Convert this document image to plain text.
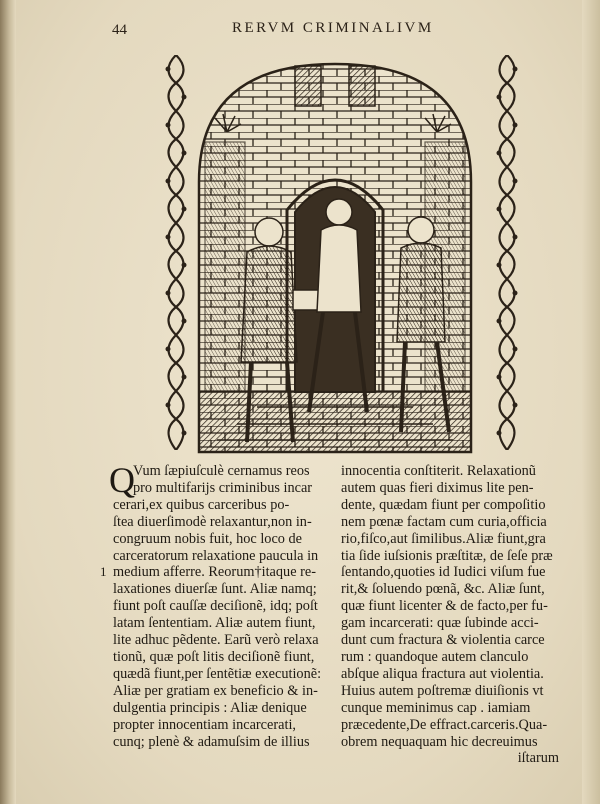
44	RERVM CRIMINALIVM
Q
1
Vum ſæpiuſculè cernamus reos
pro multifarijs criminibus incar
cerari,ex quibus carceribus po-
ſtea diuerſimodè relaxantur,non in-
congruum nobis fuit, hoc loco de
carceratorum relaxatione paucula in
medium afferre. Reorum†itaque re-
laxationes diuerſæ ſunt. Aliæ namq;
fiunt poſt cauſſæ deciſionẽ, idq; poſt
latam ſententiam. Aliæ autem fiunt,
lite adhuc pẽdente. Earũ verò relaxa
tionũ, quæ poſt litis deciſionẽ fiunt,
quædã fiunt,per ſentẽtiæ executionẽ:
Aliæ per gratiam ex beneficio & in-
dulgentia principis : Aliæ denique
propter innocentiam incarcerati,
cunq; plenè & adamuſsim de illius
innocentia conſtiterit. Relaxationũ
autem quas fieri diximus lite pen-
dente, quædam fiunt per compoſitio
nem pœnæ factam cum curia,officia
rio,fiſco,aut ſimilibus.Aliæ fiunt,gra
tia ſide iuſsionis præſtitæ, de ſeſe præ
ſentando,quoties id Iudici viſum fue
rit,& ſoluendo pœnã, &c. Aliæ ſunt,
quæ fiunt licenter & de facto,per fu-
gam incarcerati: quæ ſubinde acci-
dunt cum fractura & violentia carce
rum : quandoque autem clanculo
abſque aliqua fractura aut violentia.
Huius autem poſtremæ diuiſionis vt
cunque meminimus cap . iamiam
præcedente,De effract.carceris.Qua-
obrem nequaquam hic decreuimus
iſtarum
